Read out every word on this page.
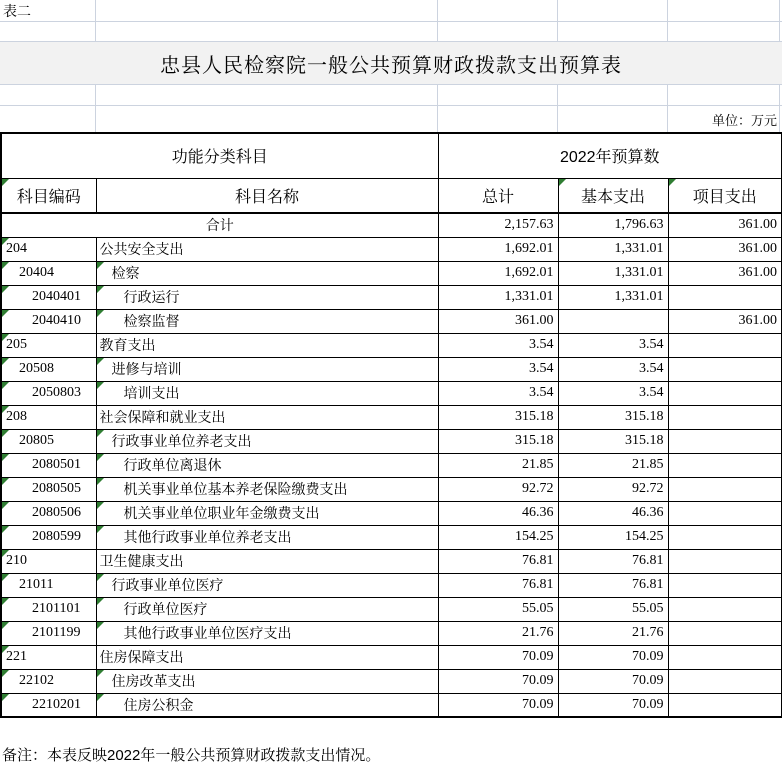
表二
忠县人民检察院一般公共预算财政拨款支出预算表
单位：万元
功能分类科目		2022年预算数		
科目编码	科目名称	总计	基本支出	项目支出

合计		2,157.63	1,796.63	361.00

204	公共安全支出	1,692.01	1,331.01	361.00

20404	检察	1,692.01	1,331.01	361.00

2040401	行政运行	1,331.01	1,331.01	

2040410	检察监督	361.00		361.00

205	教育支出	3.54	3.54	

20508	进修与培训	3.54	3.54	

2050803	培训支出	3.54	3.54	

208	社会保障和就业支出	315.18	315.18	

20805	行政事业单位养老支出	315.18	315.18	

2080501	行政单位离退休	21.85	21.85	

2080505	机关事业单位基本养老保险缴费支出	92.72	92.72	

2080506	机关事业单位职业年金缴费支出	46.36	46.36	

2080599	其他行政事业单位养老支出	154.25	154.25	

210	卫生健康支出	76.81	76.81	

21011	行政事业单位医疗	76.81	76.81	

2101101	行政单位医疗	55.05	55.05	

2101199	其他行政事业单位医疗支出	21.76	21.76	

221	住房保障支出	70.09	70.09	

22102	住房改革支出	70.09	70.09	

2210201	住房公积金	70.09	70.09	
备注：本表反映2022年一般公共预算财政拨款支出情况。
